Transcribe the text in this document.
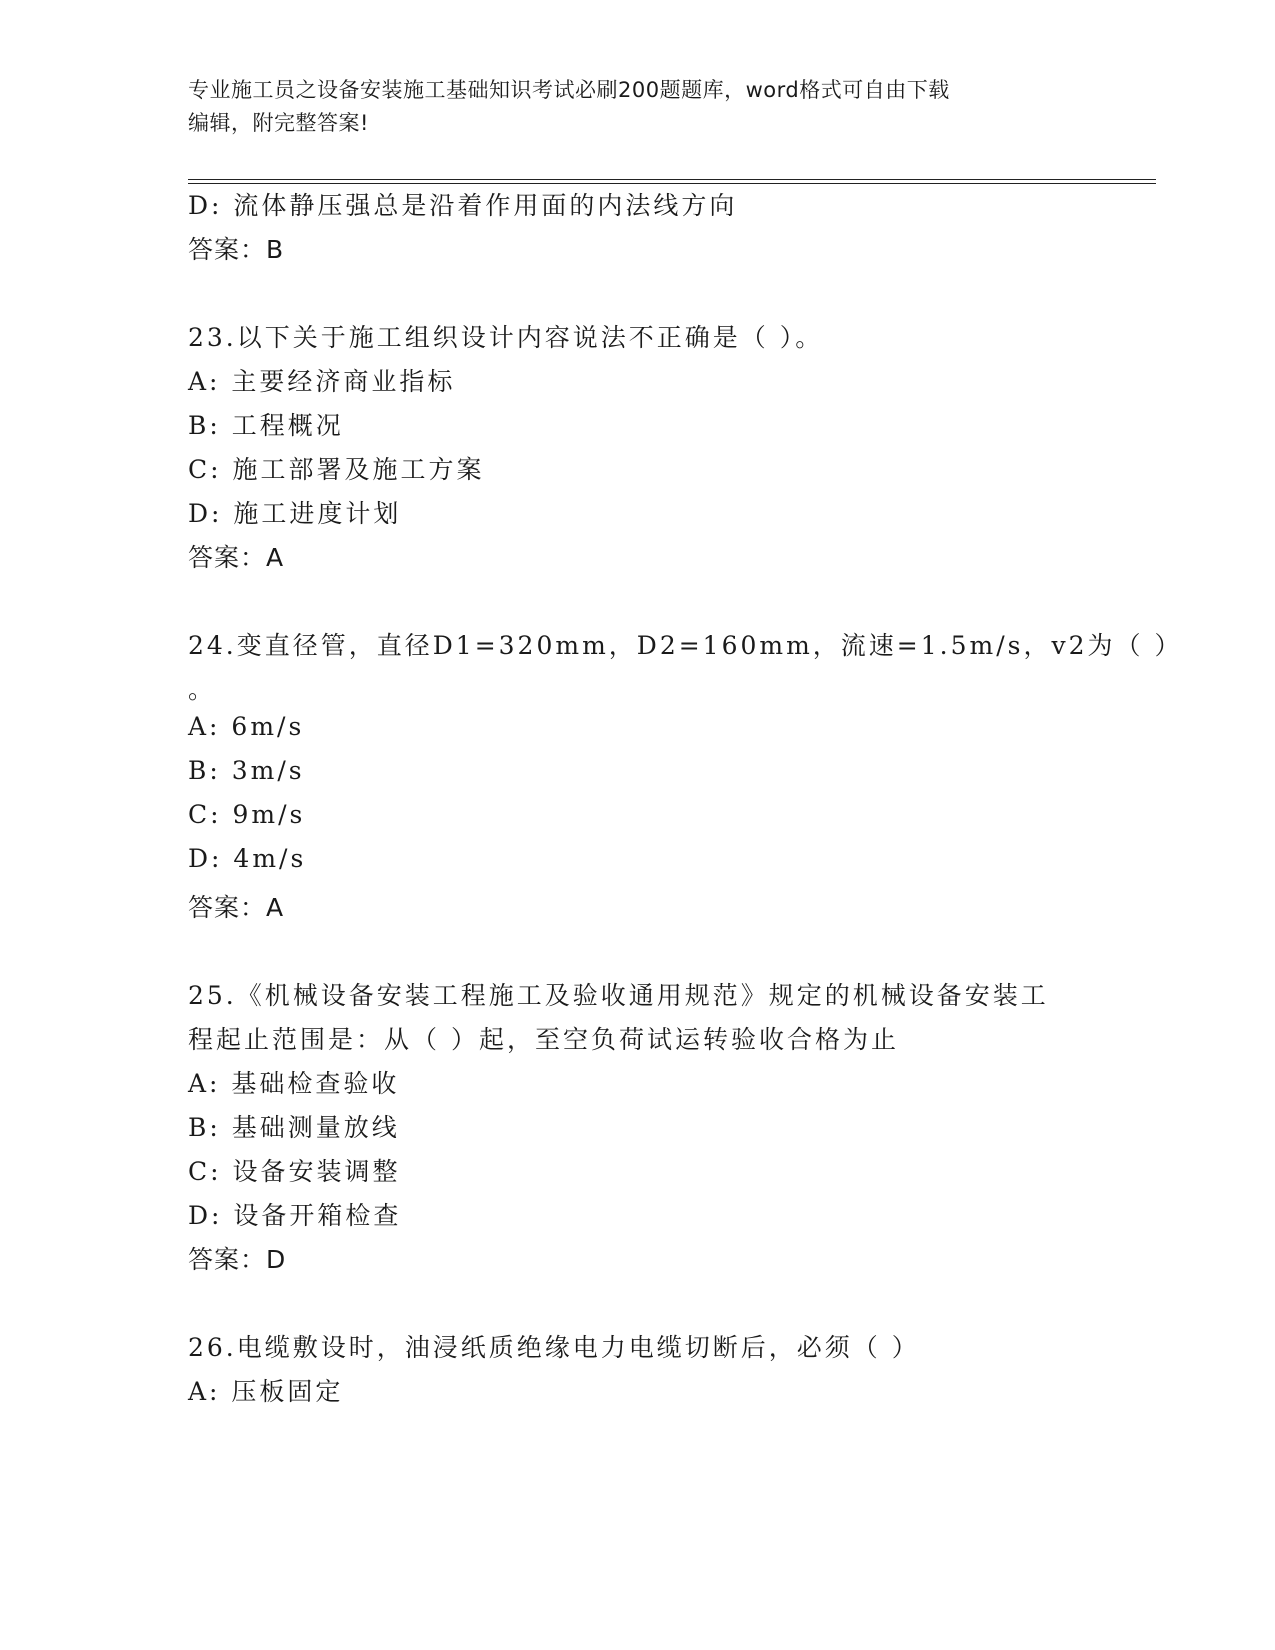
专业施工员之设备安装施工基础知识考试必刷200题题库，word格式可自由下载
编辑，附完整答案!
D: 流体静压强总是沿着作用面的内法线方向
答案：B
23.以下关于施工组织设计内容说法不正确是（ ）。
A: 主要经济商业指标
B: 工程概况
C: 施工部署及施工方案
D: 施工进度计划
答案：A
24.变直径管，直径D1=320mm，D2=160mm，流速=1.5m/s，v2为（ ）
。
A: 6m/s
B: 3m/s
C: 9m/s
D: 4m/s
答案：A
25.《机械设备安装工程施工及验收通用规范》规定的机械设备安装工
程起止范围是：从（ ）起，至空负荷试运转验收合格为止
A: 基础检查验收
B: 基础测量放线
C: 设备安装调整
D: 设备开箱检查
答案：D
26.电缆敷设时，油浸纸质绝缘电力电缆切断后，必须（ ）
A: 压板固定
